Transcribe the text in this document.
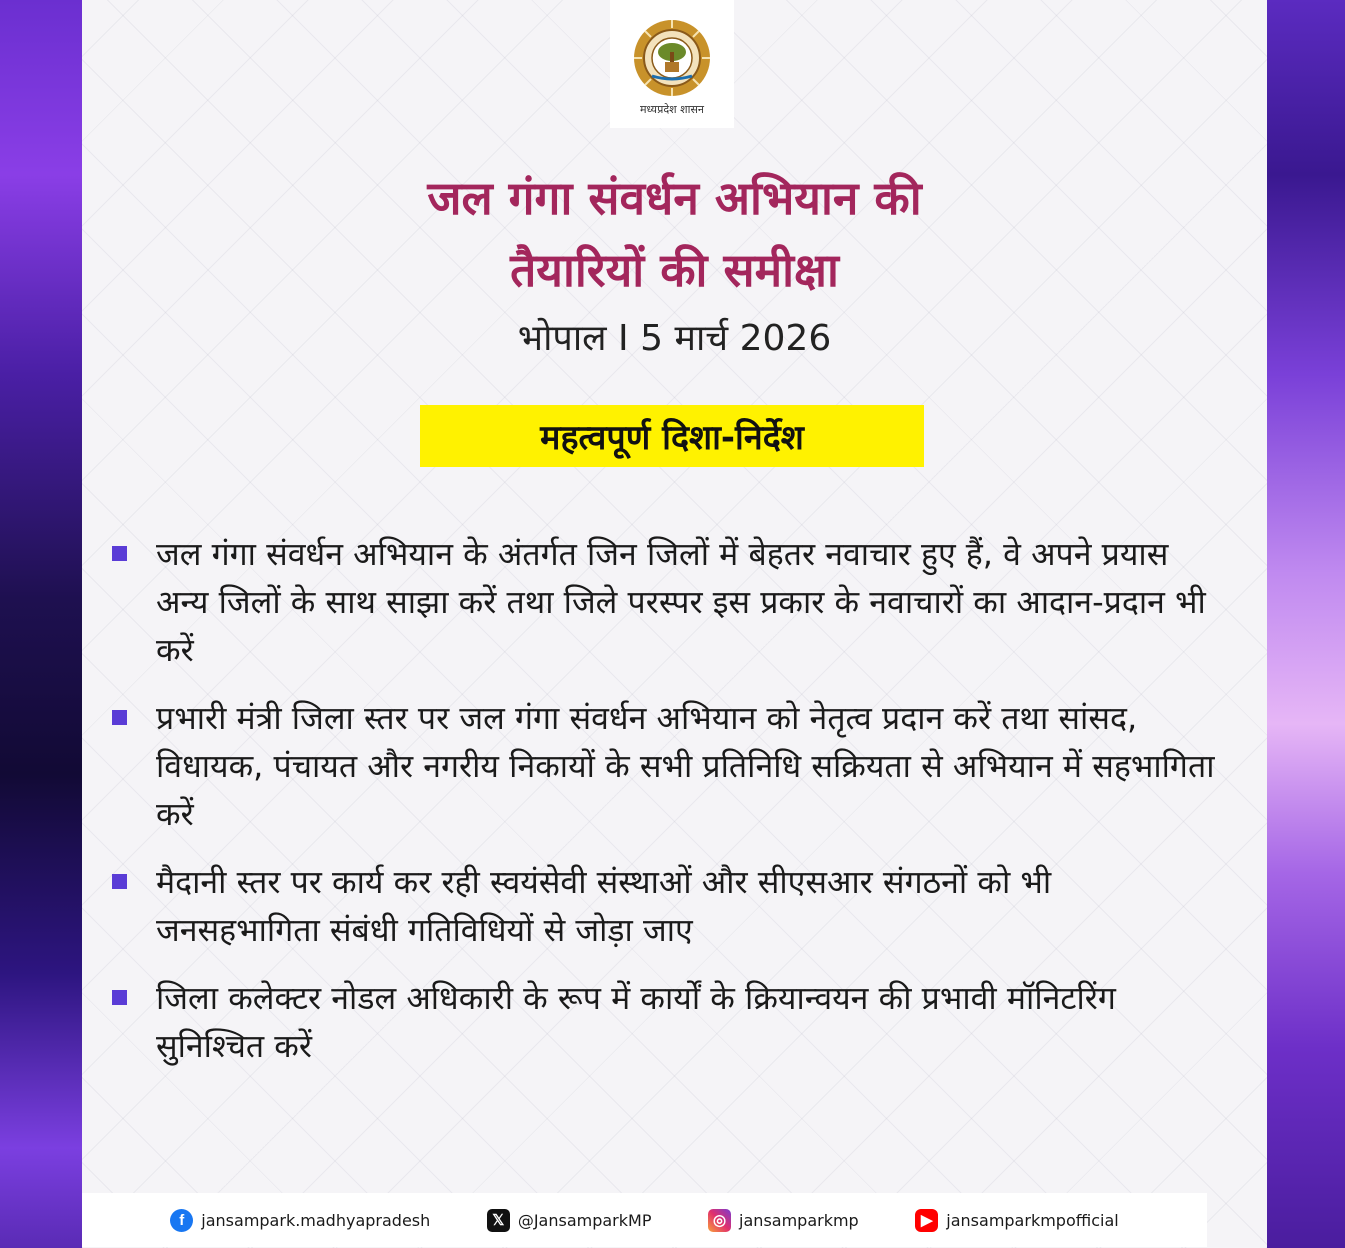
मध्यप्रदेश शासन
जल गंगा संवर्धन अभियान की
तैयारियों की समीक्षा
भोपाल I 5 मार्च 2026
महत्वपूर्ण दिशा-निर्देश
जल गंगा संवर्धन अभियान के अंतर्गत जिन जिलों में बेहतर नवाचार हुए हैं, वे अपने प्रयास अन्य जिलों के साथ साझा करें तथा जिले परस्पर इस प्रकार के नवाचारों का आदान-प्रदान भी करें
प्रभारी मंत्री जिला स्तर पर जल गंगा संवर्धन अभियान को नेतृत्व प्रदान करें तथा सांसद, विधायक, पंचायत और नगरीय निकायों के सभी प्रतिनिधि सक्रियता से अभियान में सहभागिता करें
मैदानी स्तर पर कार्य कर रही स्वयंसेवी संस्थाओं और सीएसआर संगठनों को भी जनसहभागिता संबंधी गतिविधियों से जोड़ा जाए
जिला कलेक्टर नोडल अधिकारी के रूप में कार्यों के क्रियान्वयन की प्रभावी मॉनिटरिंग सुनिश्चित करें
f	jansampark.madhyapradesh	𝕏 @JansamparkMP	◎ jansamparkmp	▶ jansamparkmpofficial
